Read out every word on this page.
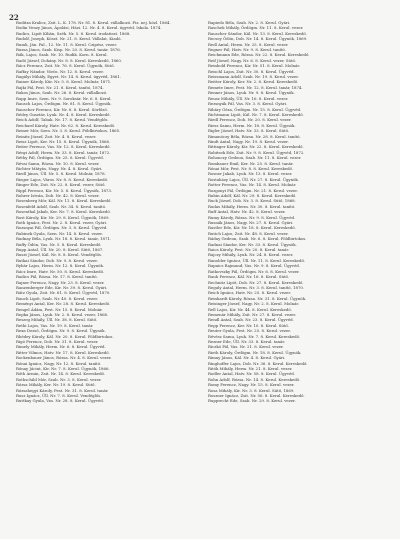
22

Roditza Kralicz, Zsit. L. K. 178. Nr. 81. 8. Kerul. vállalkozó. Fiz. nej. közl. 1864.

Rodin Venzy János, Ápolási, Házi. 12. Nr. 4. 8. Kerul. ügyvéd, Iskola. 1874.

Rudics, Lipót Kilián, Szék. Nr. 5. 8. Kerul. irodatiszt. 1868.

Rudolf, Joseph, Köszt. Nr. 21. 8. Kerul. Vállalat, Kiadó.

Rumli, Ján. Pal., 12. Nr. 11. 8. Kerul. Czipész, vezer.

Ruzsa János, Szab. Kisp. Nr. 20. 8. Kerul. tanár. 1876.

Rák, Lajos, Szab. Nr. 10. Rudik. Korn. 8. Kerul.

Radó József, Dohány. Nr. 8. 8. Kerul. Kereskedő, 1860.

Rácz Ferencz, Zsit. Nr. 76. 8. Kerul. Ügynök, Sütő.

Raffay Nándor, Vörös. Nr. 12. 8. Kerul. vezer.

Ragályi Mihály, Egyet. Nr. 14. 8. Kerul. ügyvéd, 1861.

Rainer Károly, Kür. Nr. 5. 8. Kerul. Molnár, 1871.

Rajki Pál, Pest. Nr. 21. 8. Kerul. tanító, 1874.

Rakos János, Szab. Nr. 26. 8. Kerul. vállalkozó.

Rapp Imre, Szen. Nr. 9. Soroksár. Nr. 6. 8. Kerul.

Rausch Lajos, Ördögm. Nr. 81. 8. Kerul. Ügynök.

Rauscher Ferencz, Kir. Nr. 8. 8. Kerul. Sörfőző.

Rédey Gusztáv, Lyuk. Nr. 4. 8. Kerul. Kereskedő.

Reich Adolf, Tabak. Nr. 17. 8. Kerul. Vendéglős.

Reichard Károly, Hatv. Nr. 62. 8. Kerul. Kereskedő.

Reiner Mór, Szen. Nr. 3. 8. Kerul. Földbirtokos, 1865.

Reinitz József, Zsit. Nr. 4. 8. Kerul. vezer.

Reisz Lipót, Ker. Nr. 15. 8. Kerul. Ügynök, 1866.

Reiter Ferencz, Vas. Nr. 12. 8. Kerul. Kereskedő.

Rényi Adolf, Herm. Nr. 33. 8. Kerul. tanár, 1872.

Réthy Pál, Ördögm. Nr. 25. 8. Kerul. Ügyvéd.

Révai Samu, Rózsa. Nr. 10. 8. Kerul. vezer.

Richter Mátyás, Nagy. Nr. 4. 8. Kerul. Gyári.

Riedl János, Üll. Nr. 5. 8. Kerul. Molnár, 1878.

Rieger Lajos, Város. Nr. 8. 8. Kerul. Kereskedő.

Ringer Ede, Zsit. Nr. 22. 8. Kerul. vezer, Sütő.

Rippl Ferencz, Kir. Nr. 5. 8. Kerul. Ügynök, 1873.

Rohrer István, Dob. Nr. 42. 8. Kerul. vezer.

Rosenberg Mór, Kál. Nr. 11. 8. Kerul. Kereskedő.

Rosenfeld Adolf, Szab. Nr. 34. 8. Kerul. tanító.

Rosenthal Jakab, Ker. Nr. 7. 8. Kerul. Kereskedő.

Rost Károly, Kir. Nr. 29. 8. Kerul. Ügynök, 1869.

Roth Ignácz, Pest. Nr. 2. 8. Kerul. vezer, Gyári.

Rozsnyai Pál, Ördögm. Nr. 3. 8. Kerul. Ügyvéd.

Rubinek Gyula, Szen. Nr. 14. 8. Kerul. vezer.

Rudnay Béla, Lyuk. Nr. 18. 8. Kerul. tanár, 1871.

Ruffy Ödön, Vas. Nr. 5. 8. Kerul. Kereskedő.

Rupp Antal, Üll. Nr. 20. 8. Kerul. Sütő, 1867.

Ruszt József, Kál. Nr. 8. 8. Kerul. Vendéglős.

Rutkai Sándor, Dob. Nr. 9. 8. Kerul. vezer.

Rybár Lajos, Herm. Nr. 12. 8. Kerul. Ügynök.

Rácz Imre, Hatv. Nr. 50. 8. Kerul. Kereskedő.

Radics Pál, Rózsa. Nr. 17. 8. Kerul. tanító.

Rajner Ferencz, Nagy. Nr. 23. 8. Kerul. vezer.

Ranzenberger Ede, Kir. Nr. 39. 8. Kerul. Gyári.

Rátz Gyula, Zsit. Nr. 61. 8. Kerul. Ügyvéd, 1870.

Rauch Lipót, Szab. Nr. 40. 8. Kerul. vezer.

Reményi Antal, Ker. Nr. 28. 8. Kerul. Kereskedő.

Rengel Ádám, Pest. Nr. 15. 8. Kerul. Molnár.

Repka János, Lyuk. Nr. 2. 8. Kerul. vezer, 1868.

Reszeg Mihály, Üll. Nr. 38. 8. Kerul. Sütő.

Rethi Lajos, Vas. Nr. 19. 8. Kerul. tanár.

Rexa Dezső, Ördögm. Nr. 9. 8. Kerul. Ügynök.

Rhédey Károly, Kál. Nr. 20. 8. Kerul. Földbirtokos.

Rigó Ferencz, Dob. Nr. 31. 8. Kerul. vezer.

Rimely Mihály, Herm. Nr. 6. 8. Kerul. Ügyvéd.

Ritter Vilmos, Hatv. Nr. 17. 8. Kerul. Kereskedő.

Rockenbauer János, Rózsa. Nr. 4. 8. Kerul. vezer.

Rónai Ignácz, Nagy. Nr. 12. 8. Kerul. tanító.

Rónay Jácint, Kir. Nr. 7. 8. Kerul. Ügynök, 1866.

Róth Ármin, Zsit. Nr. 14. 8. Kerul. Kereskedő.

Rothschild Mór, Szab. Nr. 3. 8. Kerul. vezer.

Rózsa Mihály, Ker. Nr. 19. 8. Kerul. Sütő.

Rózsahegyi Károly, Pest. Nr. 31. 8. Kerul. tanár.

Rusz Ignácz, Üll. Nr. 7. 8. Kerul. Vendéglős.

Ruttkay Gyula, Vas. Nr. 28. 8. Kerul. Ügyvéd.

Rapiedo Béla, Szab. Nr. 2. 8. Kerul. Gyári.

Raschek Mihály, Ördögm. Nr. 11. 8. Kerul. vezer.

Rauscher Sándor, Kál. Nr. 13. 8. Kerul. Kereskedő.

Recsey Ödön, Dob. Nr. 14. 8. Kerul. Ügynök, 1869.

Redl Antal, Herm. Nr. 25. 8. Kerul. vezer.

Regner Pál, Hatv. Nr. 9. 8. Kerul. tanító.

Reichmann Ede, Rózsa. Nr. 22. 8. Kerul. Kereskedő.

Reif József, Nagy. Nr. 6. 8. Kerul. vezer, Sütő.

Reinbold Ferencz, Kir. Nr. 51. 8. Kerul. Molnár.

Reischl Lajos, Zsit. Nr. 30. 8. Kerul. Ügyvéd.

Reissmann Adolf, Szab. Nr. 19. 8. Kerul. vezer.

Reitter Károly, Ker. Nr. 2. 8. Kerul. Kereskedő.

Remete Imre, Pest. Nr. 12. 8. Kerul. tanár, 1874.

Renner János, Lyuk. Nr. 9. 8. Kerul. Ügynök.

Reusz Mihály, Üll. Nr. 16. 8. Kerul. vezer.

Rezsnyák Pál, Vas. Nr. 3. 8. Kerul. Gyári.

Ribáry Géza, Ördögm. Nr. 15. 8. Kerul. Ügyvéd.

Richtmann Lipót, Kál. Nr. 7. 8. Kerul. Kereskedő.

Riedl Ferencz, Dob. Nr. 20. 8. Kerul. vezer.

Riesz Samu, Herm. Nr. 18. 8. Kerul. Ügynök.

Rigler József, Hatv. Nr. 33. 8. Kerul. Sütő.

Rimanóczy Béla, Rózsa. Nr. 28. 8. Kerul. tanító.

Rindt Antal, Nagy. Nr. 19. 8. Kerul. vezer.

Rittinger Károly, Kir. Nr. 22. 8. Kerul. Kereskedő.

Robitsek Ede, Zsit. Nr. 9. 8. Kerul. Ügyvéd, 1872.

Rohonczy Gedeon, Szab. Nr. 11. 8. Kerul. vezer.

Rombauer Emil, Ker. Nr. 25. 8. Kerul. tanár.

Rónai Mór, Pest. Nr. 8. 8. Kerul. Kereskedő.

Rosner Jakab, Lyuk. Nr. 13. 8. Kerul. vezer.

Rostaházy Lajos, Üll. Nr. 27. 8. Kerul. Ügynök.

Rotter Ferencz, Vas. Nr. 14. 8. Kerul. Molnár.

Rozgonyi Pál, Ördögm. Nr. 21. 8. Kerul. vezer.

Rubin Adolf, Kál. Nr. 29. 8. Kerul. Kereskedő.

Ruck József, Dob. Nr. 3. 8. Kerul. Sütő, 1868.

Rudas Mihály, Herm. Nr. 30. 8. Kerul. tanító.

Ruff Antal, Hatv. Nr. 42. 8. Kerul. vezer.

Rumy Károly, Rózsa. Nr. 9. 8. Kerul. Ügyvéd.

Rusnák János, Nagy. Nr. 27. 8. Kerul. Gyári.

Rustler Ede, Kir. Nr. 18. 8. Kerul. Kereskedő.

Rutich Lajos, Zsit. Nr. 48. 8. Kerul. vezer.

Ráday Gedeon, Szab. Nr. 6. 8. Kerul. Földbirtokos.

Radnai Sándor, Ker. Nr. 33. 8. Kerul. Ügynök.

Raics Károly, Pest. Nr. 20. 8. Kerul. tanár.

Rajczy Mihály, Lyuk. Nr. 24. 8. Kerul. vezer.

Ranolder Ignácz, Üll. Nr. 11. 8. Kerul. Kereskedő.

Rapaics Rajmund, Vas. Nr. 9. 8. Kerul. Ügyvéd.

Ratkovszky Pál, Ördögm. Nr. 6. 8. Kerul. vezer.

Rauh Ferencz, Kál. Nr. 16. 8. Kerul. Sütő.

Rechnitz Lipót, Dob. Nr. 27. 8. Kerul. Kereskedő.

Reguly Antal, Herm. Nr. 3. 8. Kerul. tanító, 1870.

Reich Ignácz, Hatv. Nr. 25. 8. Kerul. vezer.

Reinhardt Károly, Rózsa. Nr. 31. 8. Kerul. Ügynök.

Reisinger József, Nagy. Nr. 2. 8. Kerul. Molnár.

Rell Lajos, Kir. Nr. 44. 8. Kerul. Kereskedő.

Remenár Mihály, Zsit. Nr. 27. 8. Kerul. vezer.

Rendl Antal, Szab. Nr. 23. 8. Kerul. Ügyvéd.

Repp Ferencz, Ker. Nr. 10. 8. Kerul. Sütő.

Reuter Gyula, Pest. Nr. 25. 8. Kerul. vezer.

Révész Samu, Lyuk. Nr. 7. 8. Kerul. Kereskedő.

Rezner Ede, Üll. Nr. 33. 8. Kerul. tanár.

Riczkó Pál, Vas. Nr. 21. 8. Kerul. vezer.

Rieth Károly, Ördögm. Nr. 18. 8. Kerul. Ügynök.

Rimay János, Kál. Nr. 4. 8. Kerul. Gyári.

Ringhoffer Lajos, Dob. Nr. 36. 8. Kerul. Kereskedő.

Ritók Mihály, Herm. Nr. 21. 8. Kerul. vezer.

Rodler Antal, Hatv. Nr. 58. 8. Kerul. Ügyvéd.

Rohn Adolf, Rózsa. Nr. 14. 8. Kerul. Kereskedő.

Romy Ferencz, Nagy. Nr. 15. 8. Kerul. vezer.

Rosa Mihály, Kir. Nr. 3. 8. Kerul. Sütő, 1869.

Roszner Ignácz, Zsit. Nr. 56. 8. Kerul. Kereskedő.

Rupprecht Ede, Szab. Nr. 29. 8. Kerul. vezer.
